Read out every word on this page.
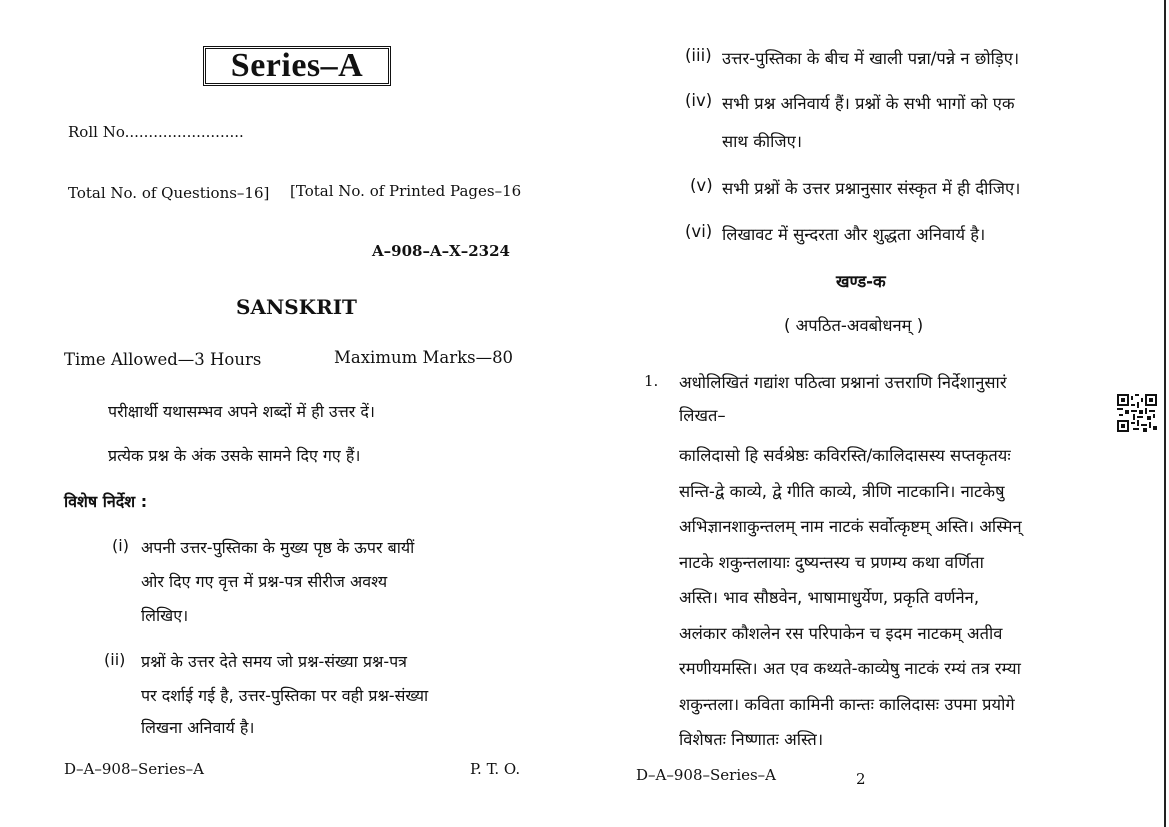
Series–A
Roll No.........................
Total No. of Questions–16] [Total No. of Printed Pages–16
A–908–A–X–2324
SANSKRIT
Time Allowed—3 Hours	Maximum Marks—80
परीक्षार्थी यथासम्भव अपने शब्दों में ही उत्तर दें।
प्रत्येक प्रश्न के अंक उसके सामने दिए गए हैं।
विशेष निर्देश :
(i) अपनी उत्तर-पुस्तिका के मुख्य पृष्ठ के ऊपर बायीं
ओर दिए गए वृत्त में प्रश्न-पत्र सीरीज अवश्य
लिखिए।
(ii) प्रश्नों के उत्तर देते समय जो प्रश्न-संख्या प्रश्न-पत्र
पर दर्शाई गई है, उत्तर-पुस्तिका पर वही प्रश्न-संख्या
लिखना अनिवार्य है।
D–A–908–Series–A	P. T. O.
(iii) उत्तर-पुस्तिका के बीच में खाली पन्ना/पन्ने न छोड़िए।
(iv) सभी प्रश्न अनिवार्य हैं। प्रश्नों के सभी भागों को एक
साथ कीजिए।
(v) सभी प्रश्नों के उत्तर प्रश्नानुसार संस्कृत में ही दीजिए।
(vi) लिखावट में सुन्दरता और शुद्धता अनिवार्य है।
खण्ड-क
( अपठित-अवबोधनम् )
1. अधोलिखितं गद्यांश पठित्वा प्रश्नानां उत्तराणि निर्देशानुसारं
लिखत–
कालिदासो हि सर्वश्रेष्ठः कविरस्ति/कालिदासस्य सप्तकृतयः
सन्ति-द्वे काव्ये, द्वे गीति काव्ये, त्रीणि नाटकानि। नाटकेषु
अभिज्ञानशाकुन्तलम् नाम नाटकं सर्वोत्कृष्टम् अस्ति। अस्मिन्
नाटके शकुन्तलायाः दुष्यन्तस्य च प्रणम्य कथा वर्णिता
अस्ति। भाव सौष्ठवेन, भाषामाधुर्येण, प्रकृति वर्णनेन,
अलंकार कौशलेन रस परिपाकेन च इदम नाटकम् अतीव
रमणीयमस्ति। अत एव कथ्यते-काव्येषु नाटकं रम्यं तत्र रम्या
शकुन्तला। कविता कामिनी कान्तः कालिदासः उपमा प्रयोगे
विशेषतः निष्णातः अस्ति।
D–A–908–Series–A	2
